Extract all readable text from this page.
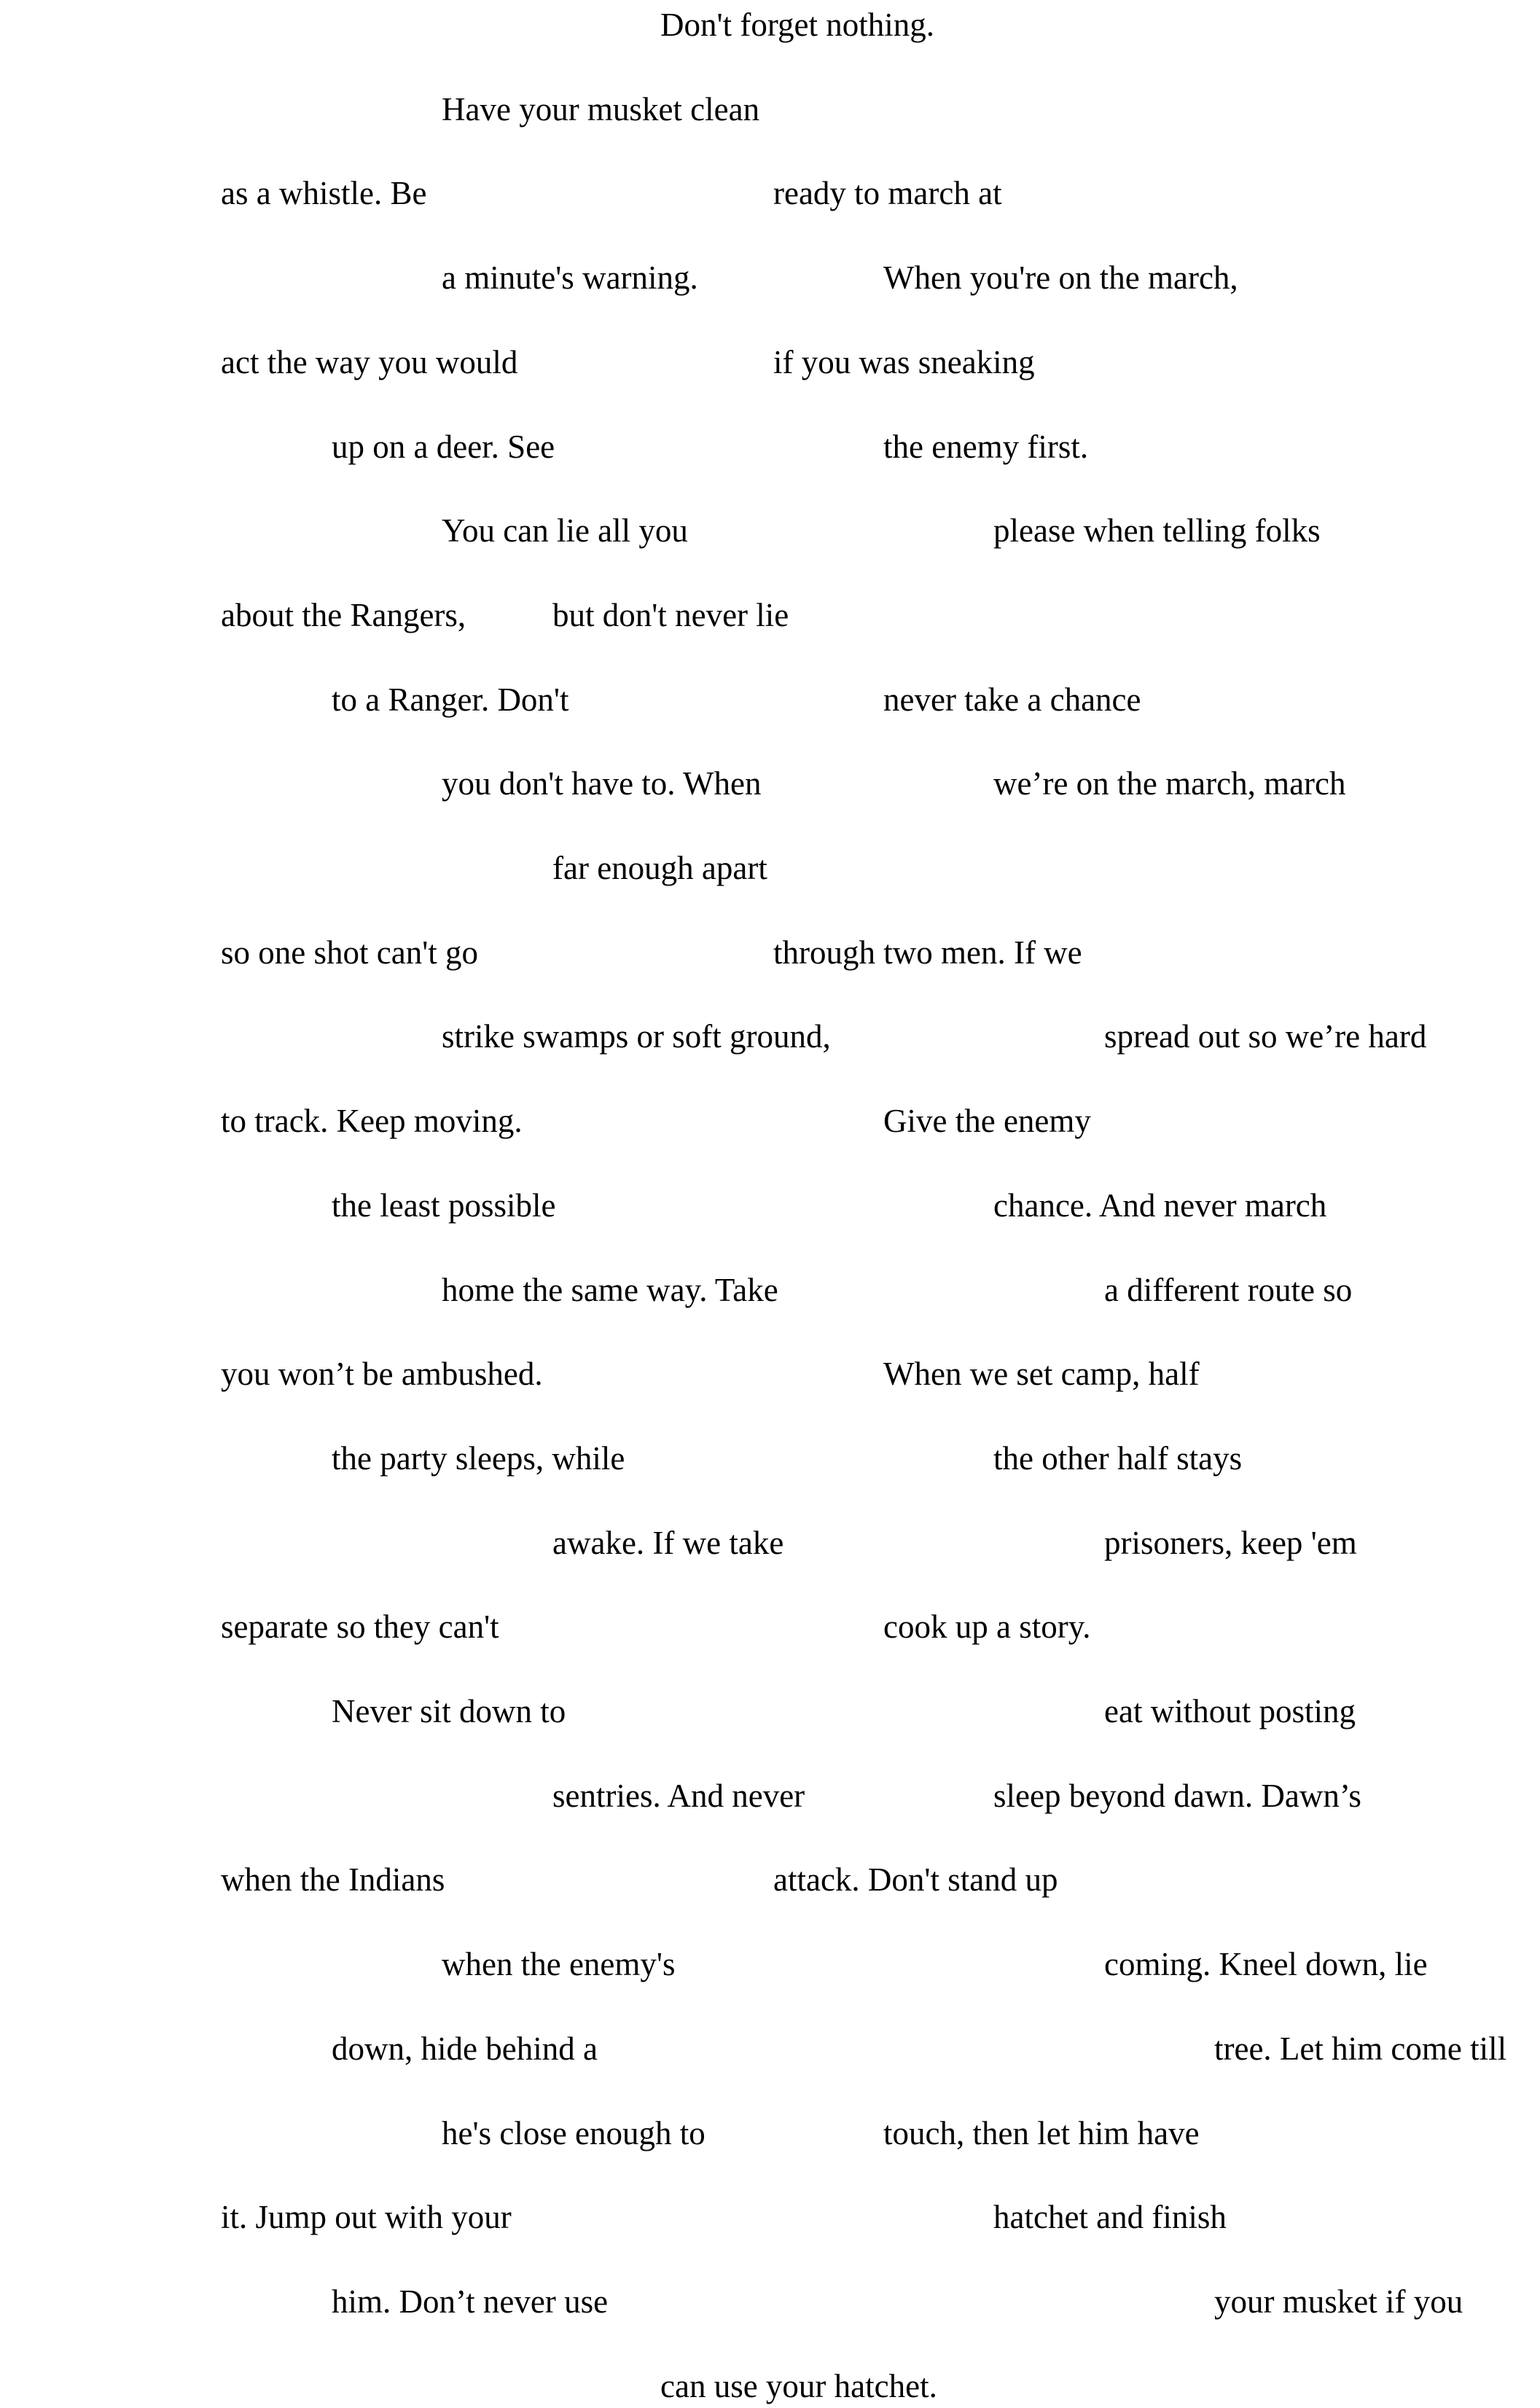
Don't forget nothing.
Have your musket clean
as a whistle. Be	ready to march at
a minute's warning.	When you're on the march,
act the way you would	if you was sneaking
up on a deer. See	the enemy first.
You can lie all you	please when telling folks
about the Rangers,	but don't never lie
to a Ranger. Don't	never take a chance
you don't have to. When	we’re on the march, march
far enough apart
so one shot can't go	through two men. If we
strike swamps or soft ground,	spread out so we’re hard
to track. Keep moving.	Give the enemy
the least possible	chance. And never march
home the same way. Take	a different route so
you won’t be ambushed.	When we set camp, half
the party sleeps, while	the other half stays
awake. If we take	prisoners, keep 'em
separate so they can't	cook up a story.
Never sit down to	eat without posting
sentries. And never	sleep beyond dawn. Dawn’s
when the Indians	attack. Don't stand up
when the enemy's	coming. Kneel down, lie
down, hide behind a	tree. Let him come till
he's close enough to	touch, then let him have
it. Jump out with your	hatchet and finish
him. Don’t never use	your musket if you
can use your hatchet.
